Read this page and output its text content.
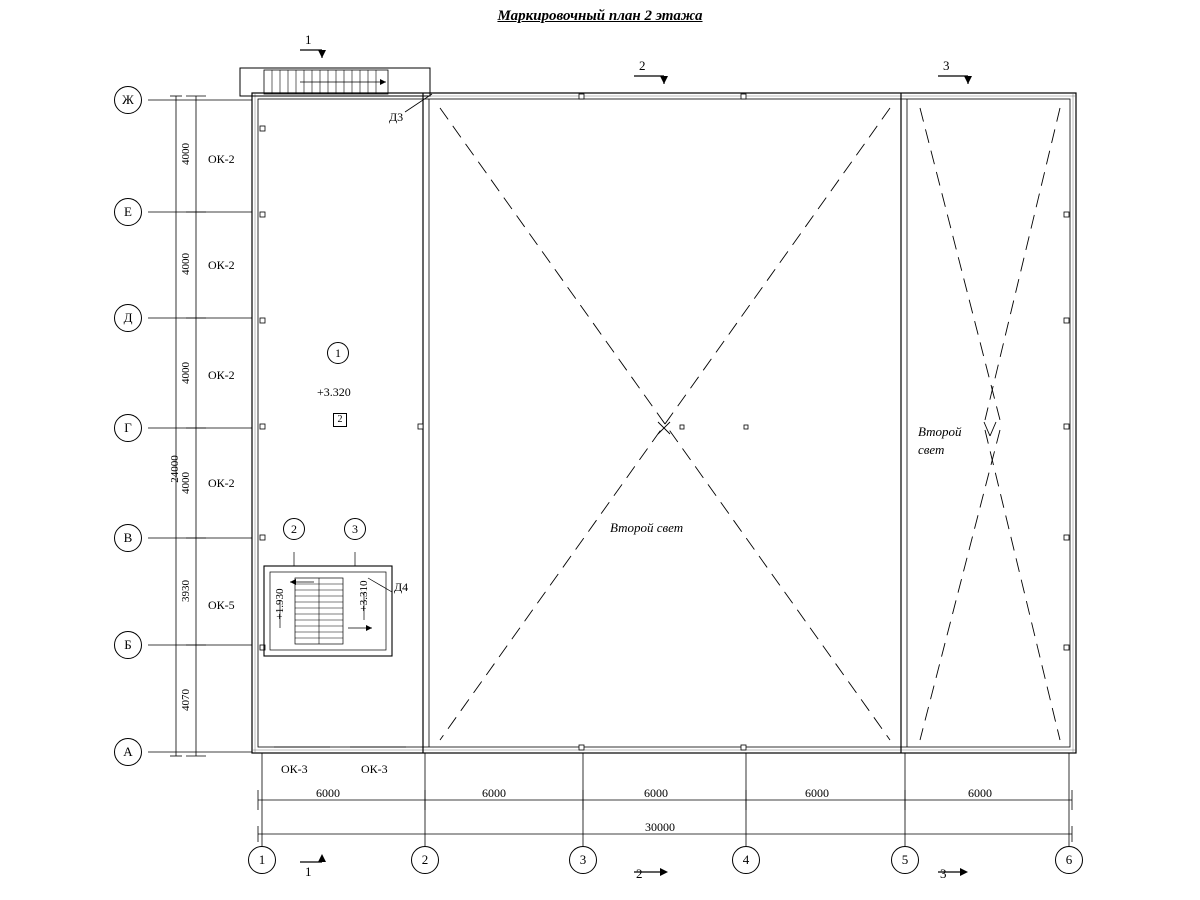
Маркировочный план 2 этажа
Ж
Е
Д
Г
В
Б
А
1	2	3	4	5	6
4000
4000
4000
4000
3930
4070
24000
6000	6000	6000	6000	6000
30000
ОК-2
ОК-2
ОК-2
ОК-2
ОК-5
ОК-3	ОК-3
Д3
Д4
1
2	3
2
+3.320
+1.930	+3.310
Второй свет
Второй
свет
1
2	3
1	2	3
